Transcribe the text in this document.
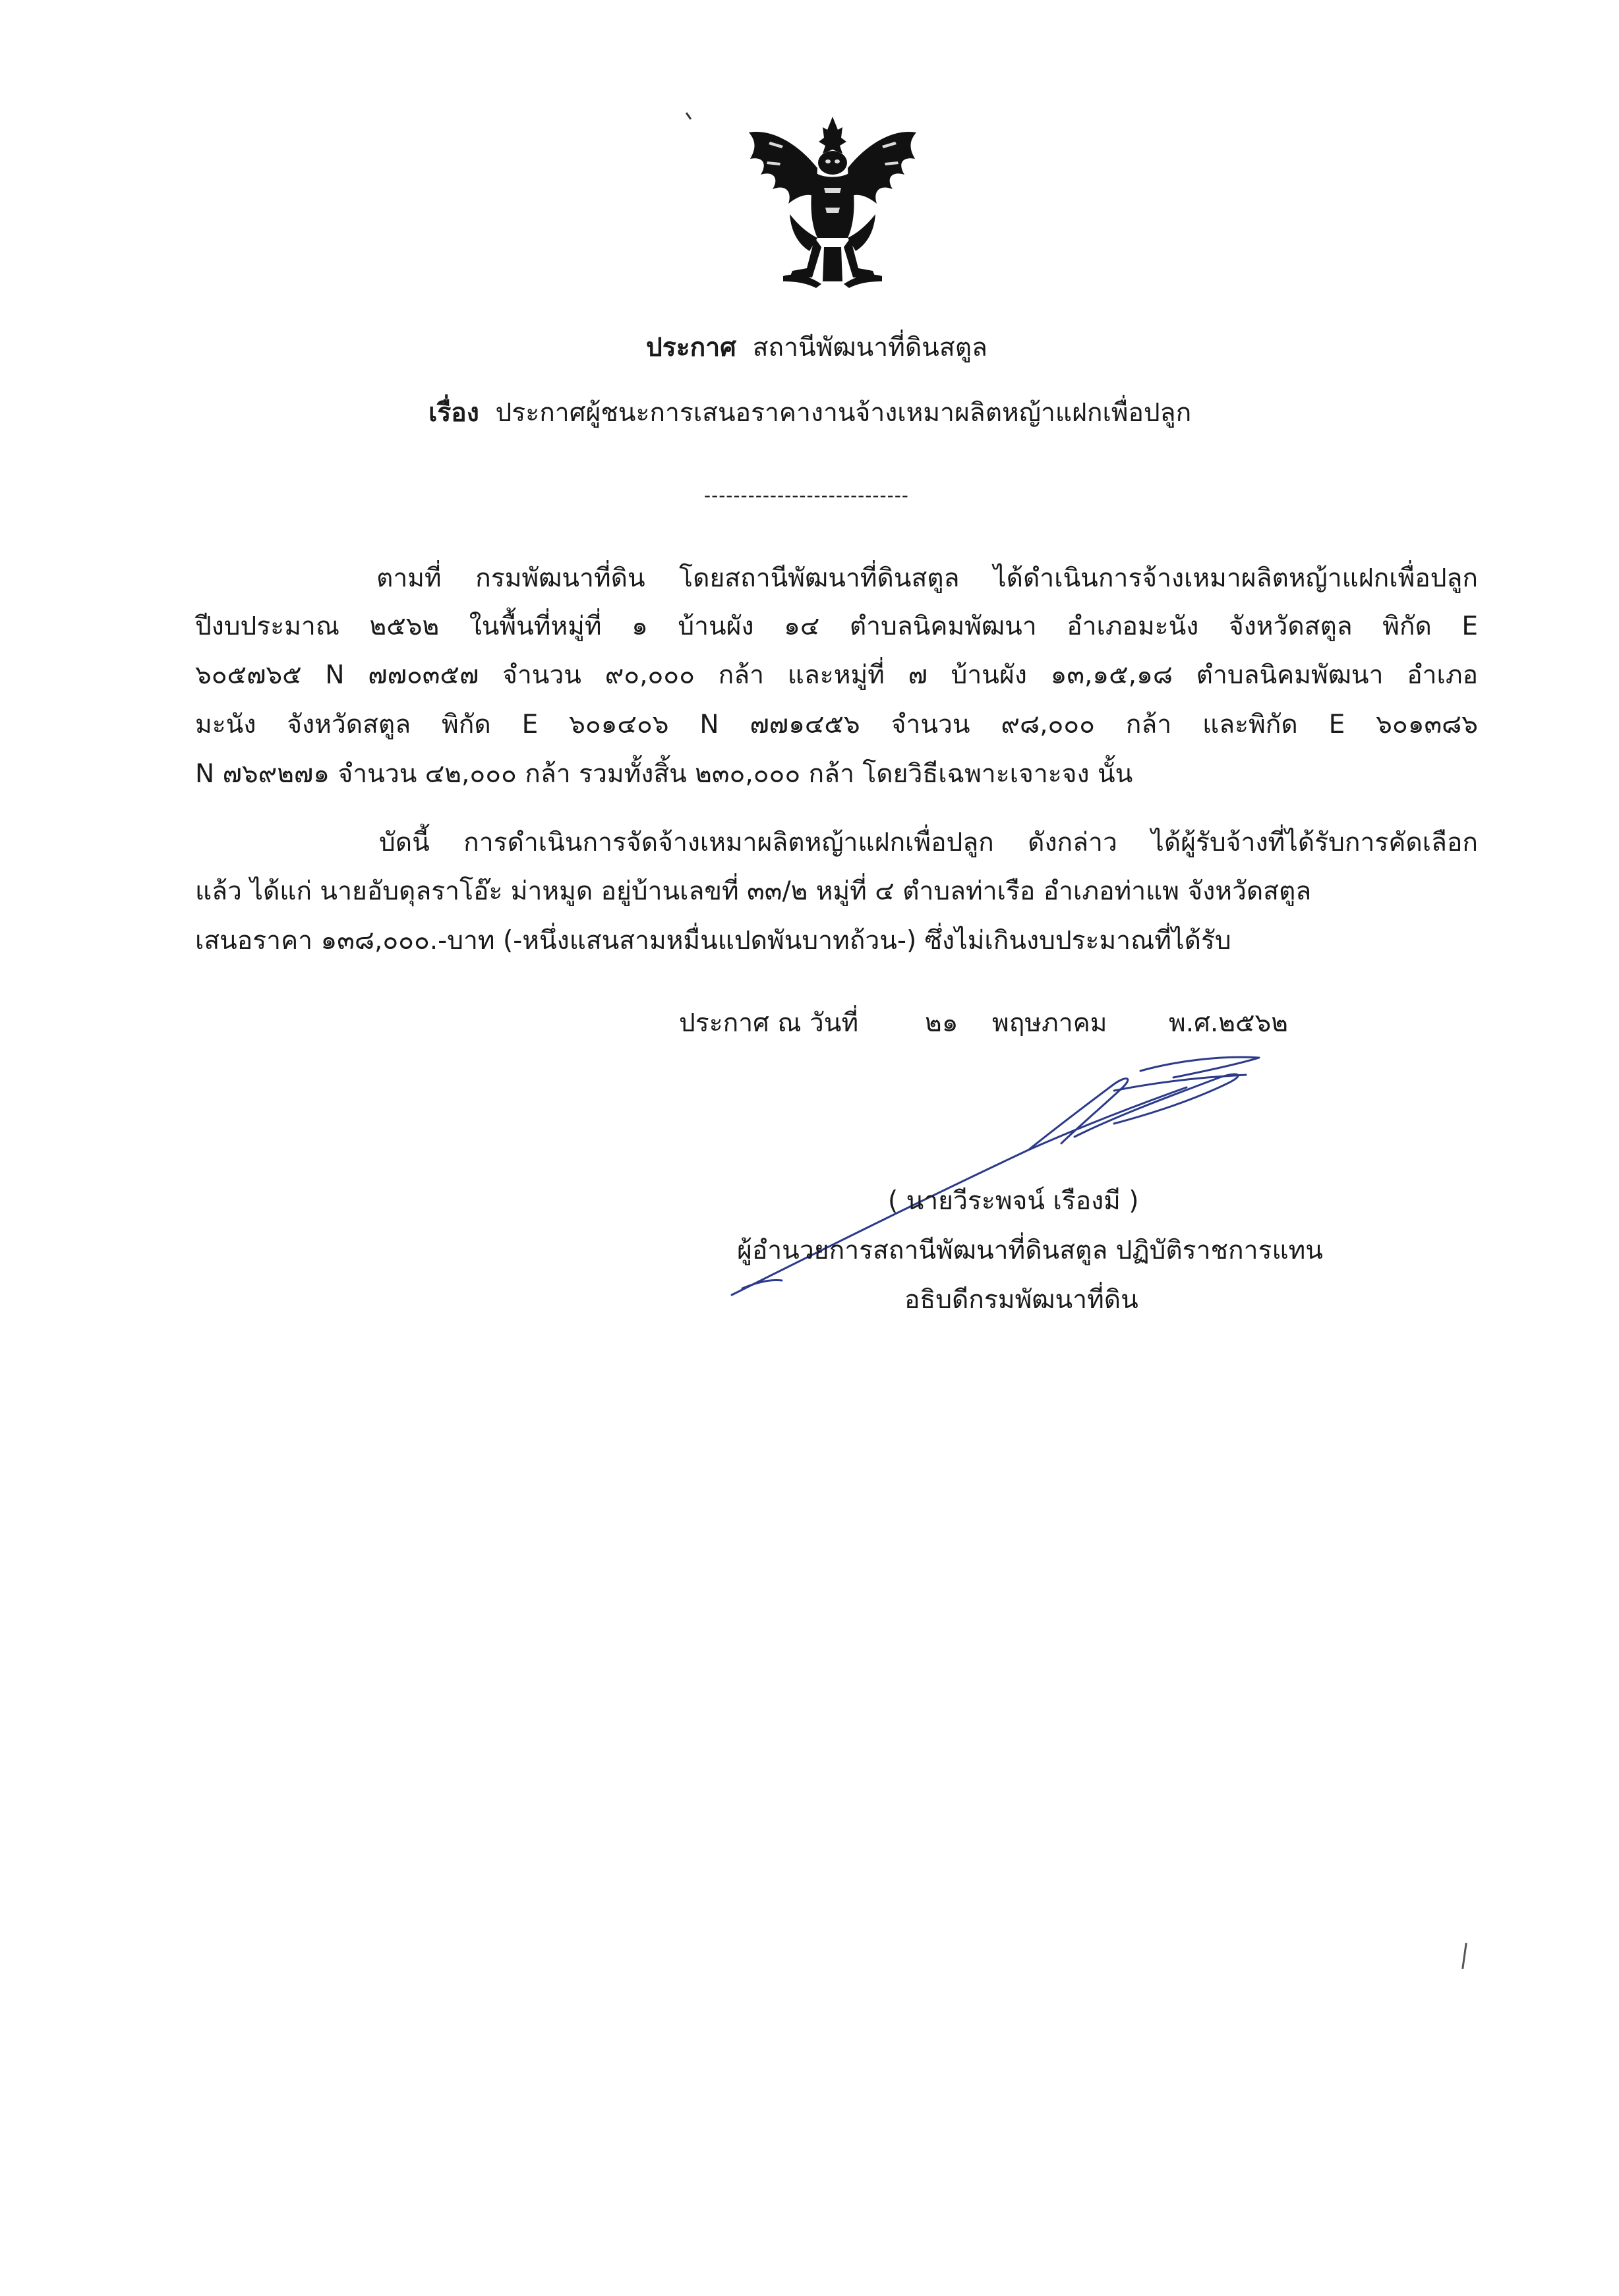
ประกาศ สถานีพัฒนาที่ดินสตูล
เรื่อง ประกาศผู้ชนะการเสนอราคางานจ้างเหมาผลิตหญ้าแฝกเพื่อปลูก
----------------------------
ตามที่ กรมพัฒนาที่ดิน โดยสถานีพัฒนาที่ดินสตูล ได้ดำเนินการจ้างเหมาผลิตหญ้าแฝกเพื่อปลูก
ปีงบประมาณ ๒๕๖๒ ในพื้นที่หมู่ที่ ๑ บ้านผัง ๑๔ ตำบลนิคมพัฒนา อำเภอมะนัง จังหวัดสตูล พิกัด E
๖๐๕๗๖๕ N ๗๗๐๓๕๗ จำนวน ๙๐,๐๐๐ กล้า และหมู่ที่ ๗ บ้านผัง ๑๓,๑๕,๑๘ ตำบลนิคมพัฒนา อำเภอ
มะนัง จังหวัดสตูล พิกัด E ๖๐๑๔๐๖ N ๗๗๑๔๕๖ จำนวน ๙๘,๐๐๐ กล้า และพิกัด E ๖๐๑๓๘๖
N ๗๖๙๒๗๑ จำนวน ๔๒,๐๐๐ กล้า รวมทั้งสิ้น ๒๓๐,๐๐๐ กล้า โดยวิธีเฉพาะเจาะจง นั้น
บัดนี้ การดำเนินการจัดจ้างเหมาผลิตหญ้าแฝกเพื่อปลูก ดังกล่าว ได้ผู้รับจ้างที่ได้รับการคัดเลือก
แล้ว ได้แก่ นายอับดุลราโอ๊ะ ม่าหมูด อยู่บ้านเลขที่ ๓๓/๒ หมู่ที่ ๔ ตำบลท่าเรือ อำเภอท่าแพ จังหวัดสตูล
เสนอราคา ๑๓๘,๐๐๐.-บาท (-หนึ่งแสนสามหมื่นแปดพันบาทถ้วน-) ซึ่งไม่เกินงบประมาณที่ได้รับ
ประกาศ ณ วันที่	๒๑ พฤษภาคม พ.ศ.๒๕๖๒
( นายวีระพจน์ เรืองมี )
ผู้อำนวยการสถานีพัฒนาที่ดินสตูล ปฏิบัติราชการแทน
อธิบดีกรมพัฒนาที่ดิน
